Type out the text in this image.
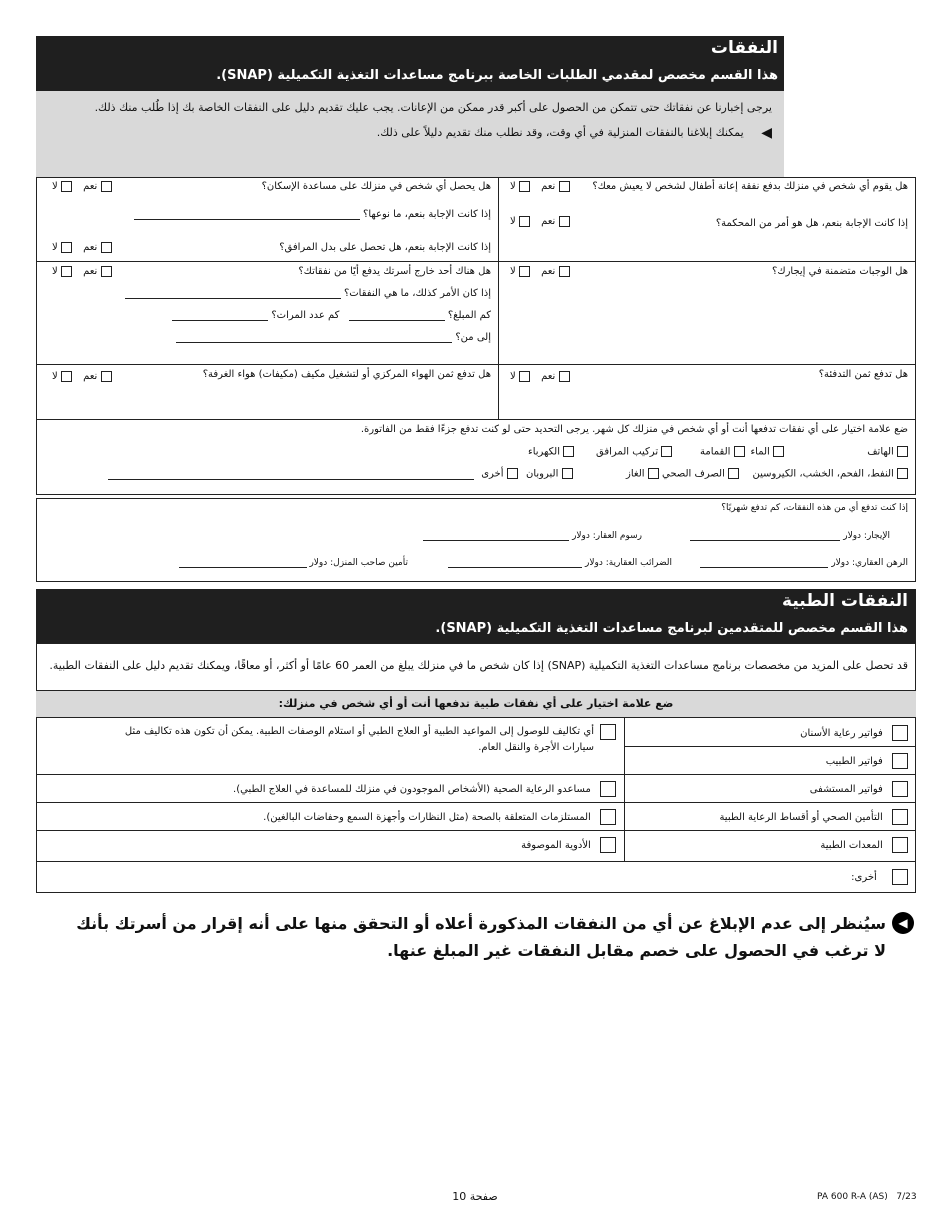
النفقات
هذا القسم مخصص لمقدمي الطلبات الخاصة ببرنامج مساعدات التغذية التكميلية (SNAP).
يرجى إخبارنا عن نفقاتك حتى تتمكن من الحصول على أكبر قدر ممكن من الإعانات. يجب عليك تقديم دليل على النفقات الخاصة بك إذا طُلب منك ذلك.
◀ يمكنك إبلاغنا بالنفقات المنزلية في أي وقت، وقد نطلب منك تقديم دليلاً على ذلك.
هل يقوم أي شخص في منزلك بدفع نفقة إعانة أطفال لشخص لا يعيش معك؟
نعم  لا
إذا كانت الإجابة بنعم، هل هو أمر من المحكمة؟
نعم  لا
هل يحصل أي شخص في منزلك على مساعدة الإسكان؟
نعم  لا
إذا كانت الإجابة بنعم، ما نوعها؟
إذا كانت الإجابة بنعم، هل تحصل على بدل المرافق؟
نعم  لا
هل الوجبات متضمنة في إيجارك؟
نعم  لا
هل هناك أحد خارج أسرتك يدفع أيًا من نفقاتك؟
نعم  لا
إذا كان الأمر كذلك، ما هي النفقات؟
كم المبلغ؟  كم عدد المرات؟
إلى من؟
هل تدفع ثمن التدفئة؟
نعم  لا
هل تدفع ثمن الهواء المركزي أو لتشغيل مكيف (مكيفات) هواء الغرفة؟
نعم  لا
ضع علامة اختيار على أي نفقات تدفعها أنت أو أي شخص في منزلك كل شهر. يرجى التحديد حتى لو كنت تدفع جزءًا فقط من الفاتورة.
الهاتف
الماء
القمامة
تركيب المرافق
الكهرباء
النفط، الفحم، الخشب، الكيروسين
الصرف الصحي
الغاز
البروبان
أخرى
إذا كنت تدفع أي من هذه النفقات، كم تدفع شهريًا؟
الإيجار: دولار
رسوم العقار: دولار
الرهن العقاري: دولار
الضرائب العقارية: دولار
تأمين صاحب المنزل: دولار
النفقات الطبية
هذا القسم مخصص للمتقدمين لبرنامج مساعدات التغذية التكميلية (SNAP).
قد تحصل على المزيد من مخصصات برنامج مساعدات التغذية التكميلية (SNAP) إذا كان شخص ما في منزلك يبلغ من العمر 60 عامًا أو أكثر، أو معاقًا، ويمكنك تقديم دليل على النفقات الطبية.
ضع علامة اختيار على أي نفقات طبية تدفعها أنت أو أي شخص في منزلك:
فواتير رعاية الأسنان
فواتير الطبيب
فواتير المستشفى
التأمين الصحي أو أقساط الرعاية الطبية
المعدات الطبية
أخرى:
أي تكاليف للوصول إلى المواعيد الطبية أو العلاج الطبي أو استلام الوصفات الطبية. يمكن أن تكون هذه تكاليف مثل سيارات الأجرة والنقل العام.
مساعدو الرعاية الصحية (الأشخاص الموجودون في منزلك للمساعدة في العلاج الطبي).
المستلزمات المتعلقة بالصحة (مثل النظارات وأجهزة السمع وحفاضات البالغين).
الأدوية الموصوفة
◀
سيُنظر إلى عدم الإبلاغ عن أي من النفقات المذكورة أعلاه أو التحقق منها على أنه إقرار من أسرتك بأنك لا ترغب في الحصول على خصم مقابل النفقات غير المبلغ عنها.
صفحة 10	PA 600 R-A (AS)   7/23
